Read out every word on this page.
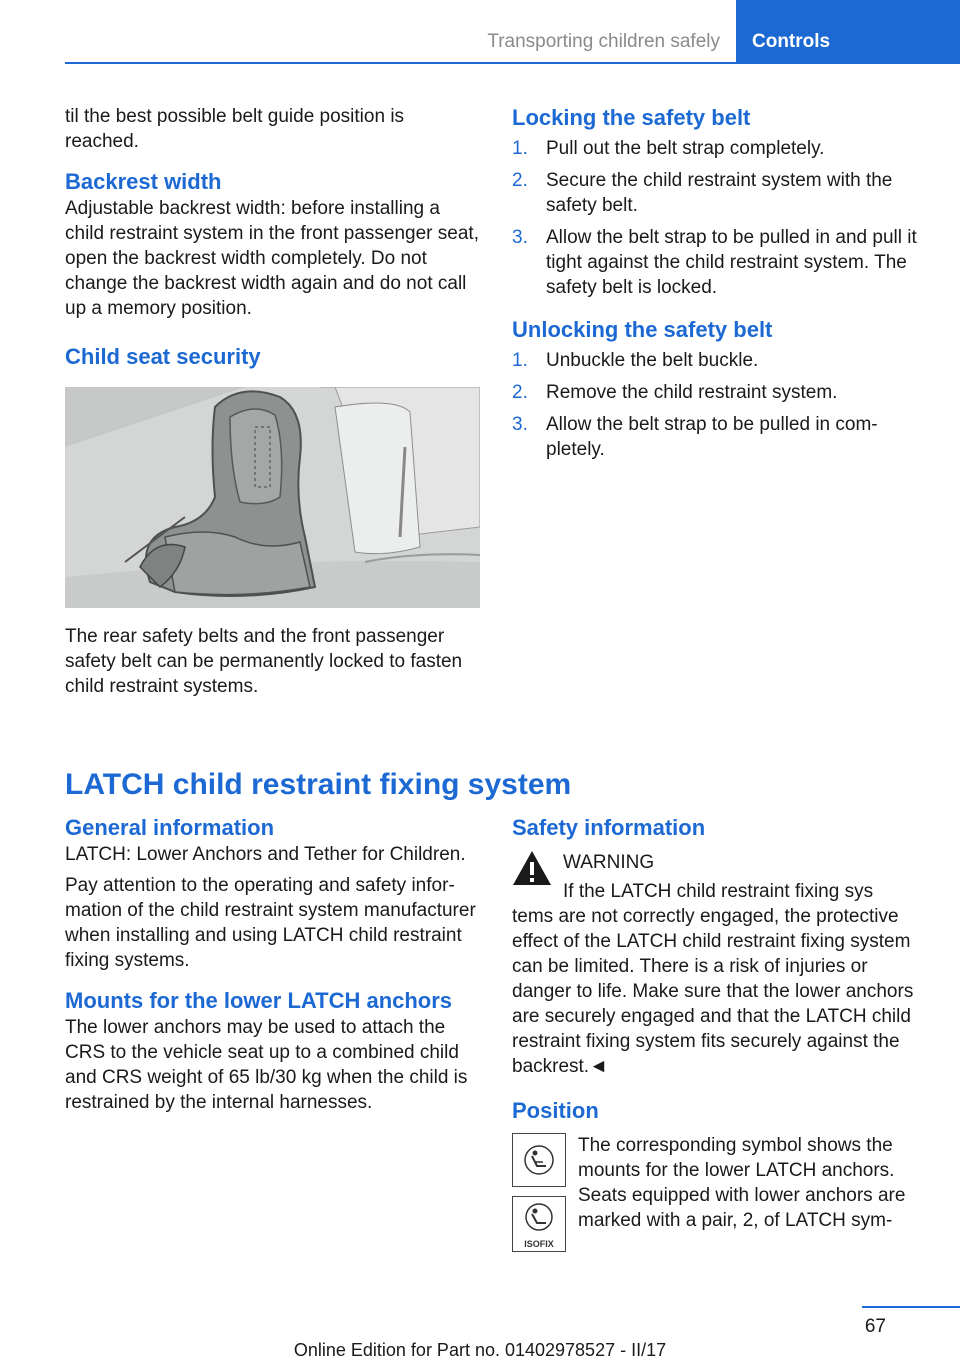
Transporting children safely	Controls

til the best possible belt guide position is reached.

Backrest width

Adjustable backrest width: before installing a child restraint system in the front passenger seat, open the backrest width completely. Do not change the backrest width again and do not call up a memory position.

Child seat security

The rear safety belts and the front passenger safety belt can be permanently locked to fasten child restraint systems.

Locking the safety belt
1. Pull out the belt strap completely.
2. Secure the child restraint system with the safety belt.
3. Allow the belt strap to be pulled in and pull it tight against the child restraint system. The safety belt is locked.
Unlocking the safety belt
1. Unbuckle the belt buckle.
2. Remove the child restraint system.
3. Allow the belt strap to be pulled in completely.
LATCH child restraint fixing system
General information

LATCH: Lower Anchors and Tether for Children.

Pay attention to the operating and safety information of the child restraint system manufacturer when installing and using LATCH child restraint fixing systems.

Mounts for the lower LATCH anchors

The lower anchors may be used to attach the CRS to the vehicle seat up to a combined child and CRS weight of 65 lb/30 kg when the child is restrained by the internal harnesses.

Safety information

WARNING

If the LATCH child restraint fixing sys

tems are not correctly engaged, the protective effect of the LATCH child restraint fixing system can be limited. There is a risk of injuries or danger to life. Make sure that the lower anchors are securely engaged and that the LATCH child restraint fixing system fits securely against the backrest.◄

Position
ISOFIX

The corresponding symbol shows the mounts for the lower LATCH anchors. Seats equipped with lower anchors are marked with a pair, 2, of LATCH sym-

67
Online Edition for Part no. 01402978527 - II/17
